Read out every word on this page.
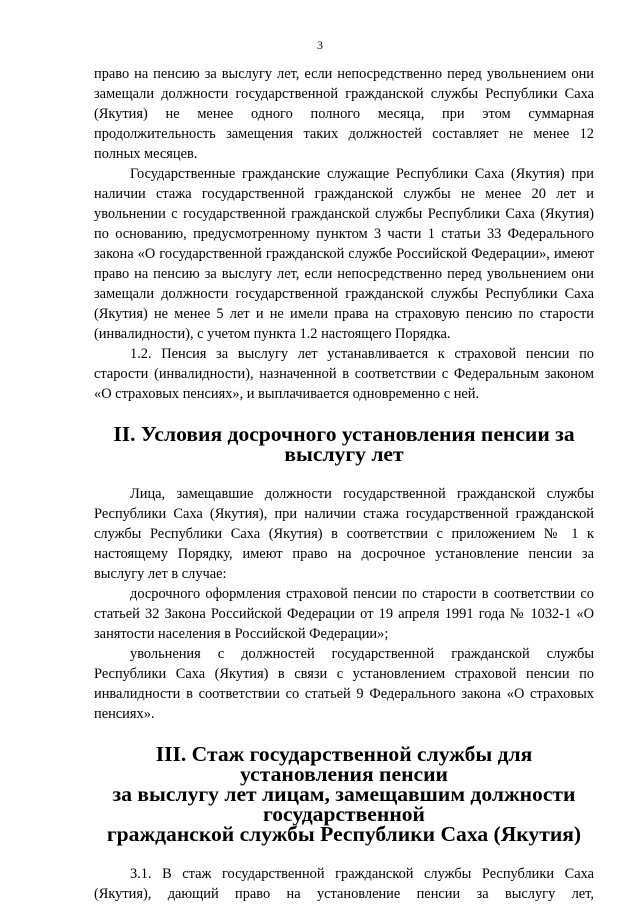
3

право на пенсию за выслугу лет, если непосредственно перед увольнением они замещали должности государственной гражданской службы Республики Саха (Якутия) не менее одного полного месяца, при этом суммарная продолжительность замещения таких должностей составляет не менее 12 полных месяцев.

Государственные гражданские служащие Республики Саха (Якутия) при наличии стажа государственной гражданской службы не менее 20 лет и увольнении с государственной гражданской службы Республики Саха (Якутия) по основанию, предусмотренному пунктом 3 части 1 статьи 33 Федерального закона «О государственной гражданской службе Российской Федерации», имеют право на пенсию за выслугу лет, если непосредственно перед увольнением они замещали должности государственной гражданской службы Республики Саха (Якутия) не менее 5 лет и не имели права на страховую пенсию по старости (инвалидности), с учетом пункта 1.2 настоящего Порядка.

1.2. Пенсия за выслугу лет устанавливается к страховой пенсии по старости (инвалидности), назначенной в соответствии с Федеральным законом «О страховых пенсиях», и выплачивается одновременно с ней.

II. Условия досрочного установления пенсии за выслугу лет

Лица, замещавшие должности государственной гражданской службы Республики Саха (Якутия), при наличии стажа государственной гражданской службы Республики Саха (Якутия) в соответствии с приложением № 1 к настоящему Порядку, имеют право на досрочное установление пенсии за выслугу лет в случае:

досрочного оформления страховой пенсии по старости в соответствии со статьей 32 Закона Российской Федерации от 19 апреля 1991 года № 1032-1 «О занятости населения в Российской Федерации»;

увольнения с должностей государственной гражданской службы Республики Саха (Якутия) в связи с установлением страховой пенсии по инвалидности в соответствии со статьей 9 Федерального закона «О страховых пенсиях».

III. Стаж государственной службы для установления пенсии
за выслугу лет лицам, замещавшим должности государственной
гражданской службы Республики Саха (Якутия)

3.1. В стаж государственной гражданской службы Республики Саха (Якутия), дающий право на установление пенсии за выслугу лет,
